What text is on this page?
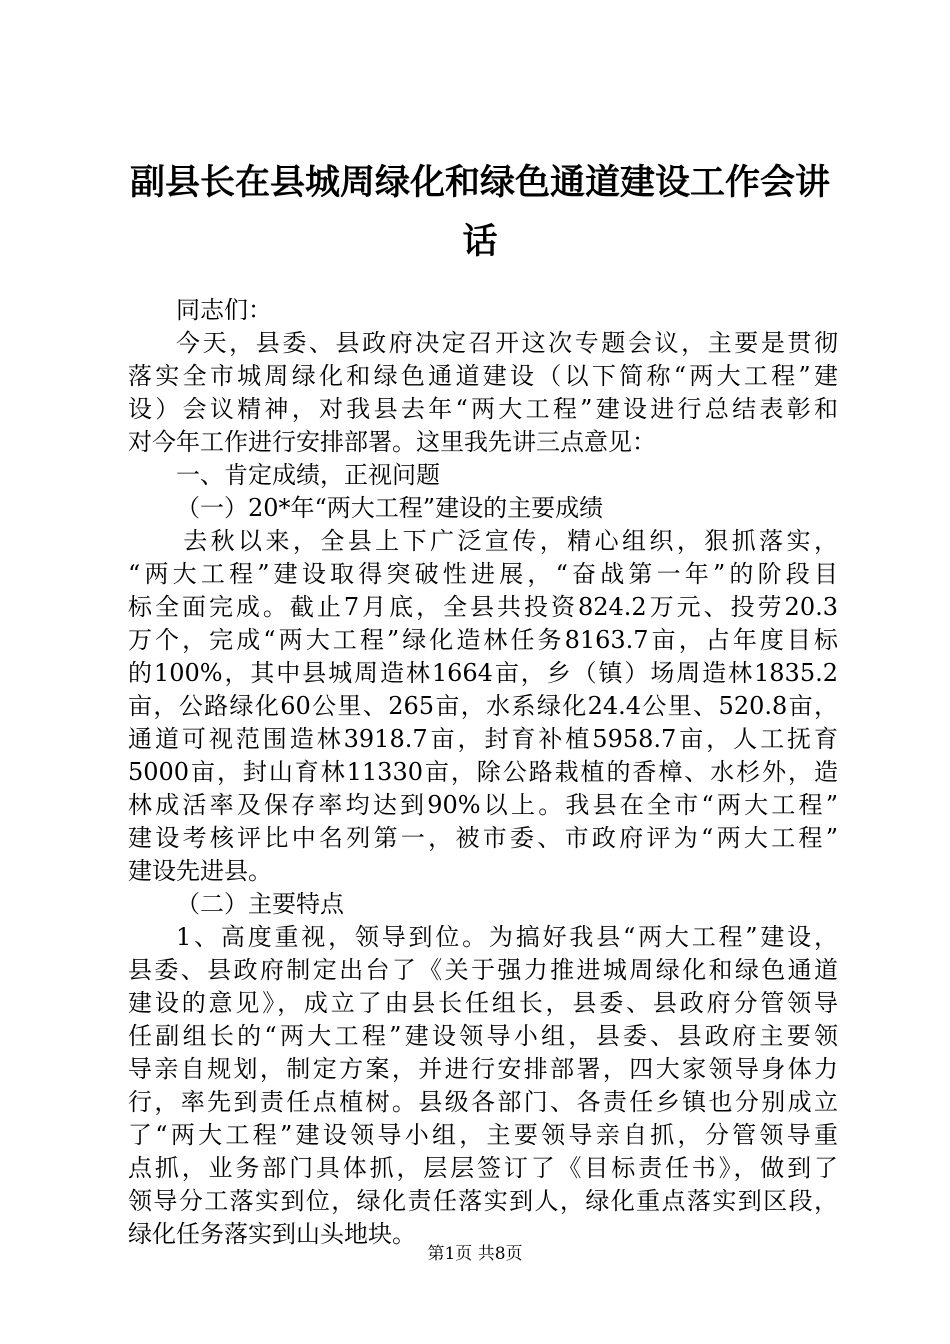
副县长在县城周绿化和绿色通道建设工作会讲
话
同志们：
今天，县委、县政府决定召开这次专题会议，主要是贯彻
落实全市城周绿化和绿色通道建设（以下简称“两大工程”建
设）会议精神，对我县去年“两大工程”建设进行总结表彰和
对今年工作进行安排部署。这里我先讲三点意见：
一、肯定成绩，正视问题
（一）20*年“两大工程”建设的主要成绩
去秋以来，全县上下广泛宣传，精心组织，狠抓落实，
“两大工程”建设取得突破性进展，“奋战第一年”的阶段目
标全面完成。截止7月底，全县共投资824.2万元、投劳20.3
万个，完成“两大工程”绿化造林任务8163.7亩，占年度目标
的100%，其中县城周造林1664亩，乡（镇）场周造林1835.2
亩，公路绿化60公里、265亩，水系绿化24.4公里、520.8亩，
通道可视范围造林3918.7亩，封育补植5958.7亩，人工抚育
5000亩，封山育林11330亩，除公路栽植的香樟、水杉外，造
林成活率及保存率均达到90%以上。我县在全市“两大工程”
建设考核评比中名列第一，被市委、市政府评为“两大工程”
建设先进县。
（二）主要特点
1、高度重视，领导到位。为搞好我县“两大工程”建设，
县委、县政府制定出台了《关于强力推进城周绿化和绿色通道
建设的意见》，成立了由县长任组长，县委、县政府分管领导
任副组长的“两大工程”建设领导小组，县委、县政府主要领
导亲自规划，制定方案，并进行安排部署，四大家领导身体力
行，率先到责任点植树。县级各部门、各责任乡镇也分别成立
了“两大工程”建设领导小组，主要领导亲自抓，分管领导重
点抓，业务部门具体抓，层层签订了《目标责任书》，做到了
领导分工落实到位，绿化责任落实到人，绿化重点落实到区段，
绿化任务落实到山头地块。
第1页 共8页
